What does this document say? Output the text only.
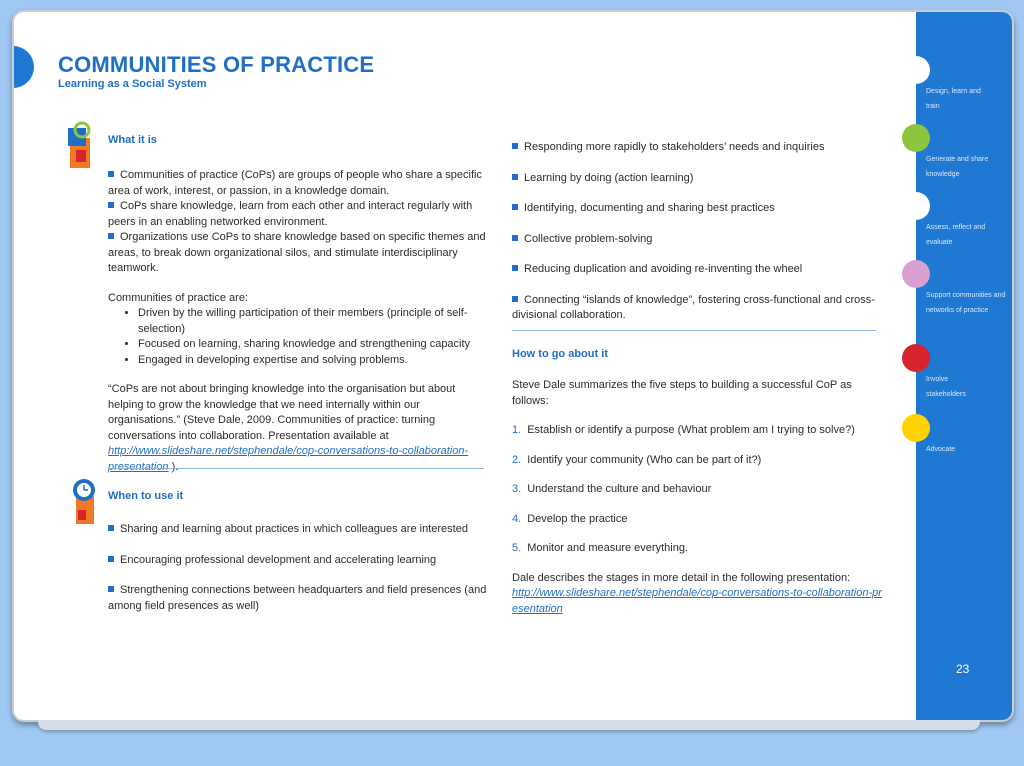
COMMUNITIES OF PRACTICE

Learning as a Social System

What it is
Communities of practice (CoPs) are groups of people who share a specific area of work, interest, or passion, in a knowledge domain.
CoPs share knowledge, learn from each other and interact regularly with peers in an enabling networked environment.
Organizations use CoPs to share knowledge based on specific themes and areas, to break down organizational silos, and stimulate interdisciplinary teamwork.
Communities of practice are:
• Driven by the willing participation of their members (principle of self-selection)
• Focused on learning, sharing knowledge and strengthening capacity
• Engaged in developing expertise and solving problems.
“CoPs are not about bringing knowledge into the organisation but about helping to grow the knowledge that we need internally within our organisations.” (Steve Dale, 2009. Communities of practice: turning conversations into collaboration. Presentation available at http://www.slideshare.net/stephendale/cop-conversations-to-collaboration-presentation ).
When to use it
Sharing and learning about practices in which colleagues are interested
Encouraging professional development and accelerating learning
Strengthening connections between headquarters and field presences (and among field presences as well)
Responding more rapidly to stakeholders’ needs and inquiries
Learning by doing (action learning)
Identifying, documenting and sharing best practices
Collective problem-solving
Reducing duplication and avoiding re-inventing the wheel
Connecting “islands of knowledge”, fostering cross-functional and cross-divisional collaboration.
How to go about it
Steve Dale summarizes the five steps to building a successful CoP as follows:
1. Establish or identify a purpose (What problem am I trying to solve?)
2. Identify your community (Who can be part of it?)
3. Understand the culture and behaviour
4. Develop the practice
5. Monitor and measure everything.
Dale describes the stages in more detail in the following presentation:
http://www.slideshare.net/stephendale/cop-conversations-to-collaboration-presentation
Design, learn and train
Generate and share knowledge
Assess, reflect and evaluate
Support communities and networks of practice
Involve stakeholders
Advocate
23
